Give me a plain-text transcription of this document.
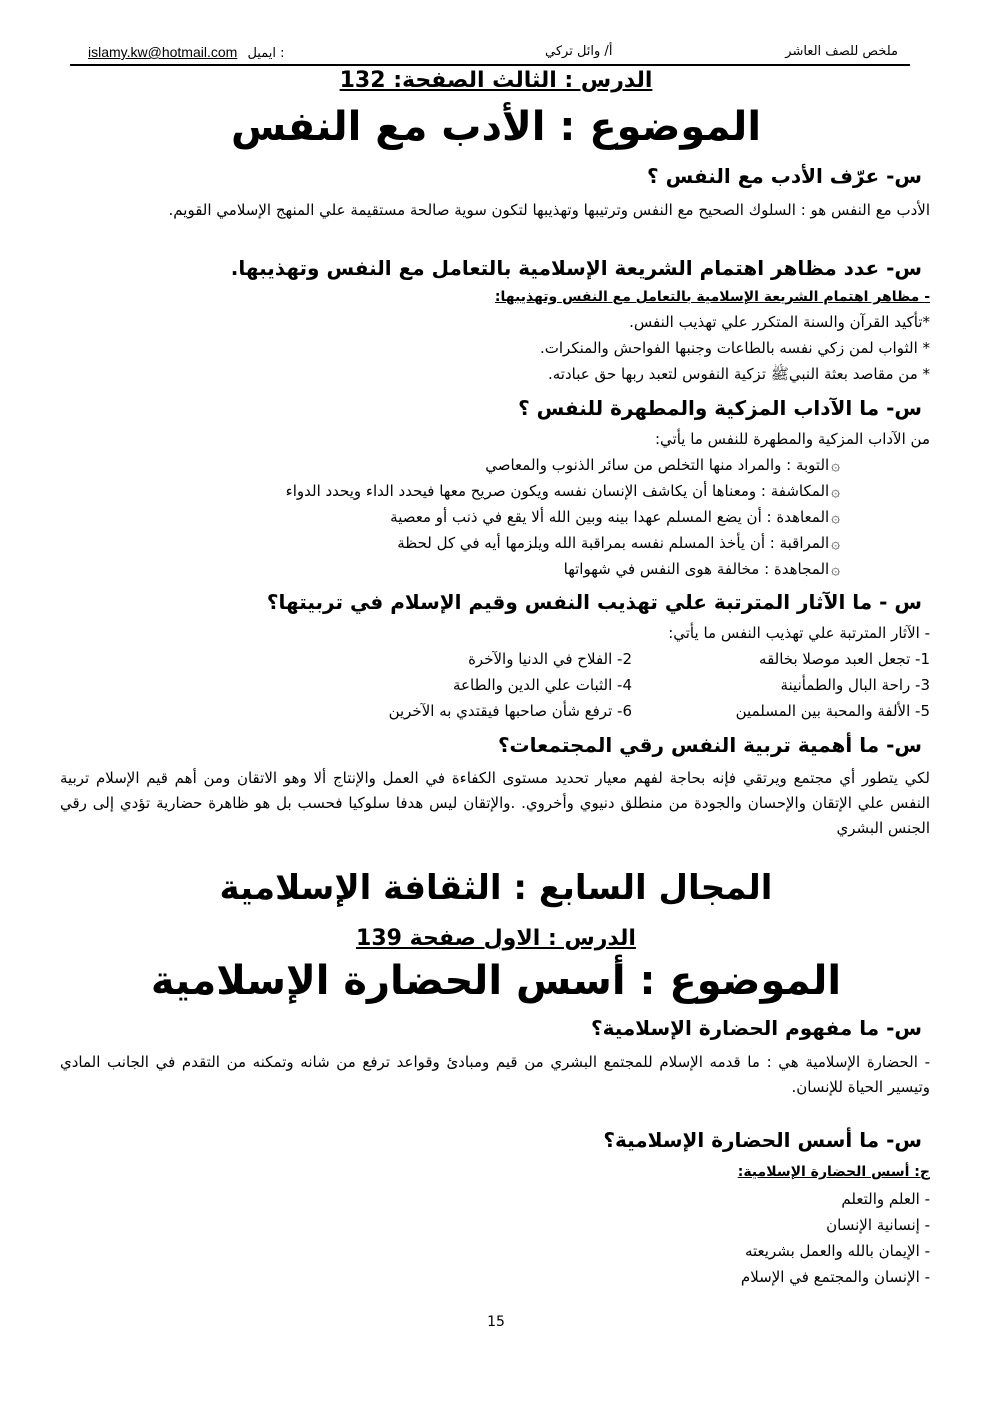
islamy.kw@hotmail.com ايميل :	أ/ وائل تركي	ملخص للصف العاشر
الدرس : الثالث الصفحة: 132
الموضوع : الأدب مع النفس
س- عرّف الأدب مع النفس ؟
الأدب مع النفس هو : السلوك الصحيح مع النفس وترتيبها وتهذيبها لتكون سوية صالحة مستقيمة علي المنهج الإسلامي القويم.
س- عدد مظاهر اهتمام الشريعة الإسلامية بالتعامل مع النفس وتهذيبها.
- مظاهر اهتمام الشريعة الإسلامية بالتعامل مع النفس وتهذيبها:
*تأكيد القرآن والسنة المتكرر علي تهذيب النفس.
* الثواب لمن زكي نفسه بالطاعات وجنبها الفواحش والمنكرات.
* من مقاصد بعثة النبيﷺ تزكية النفوس لتعبد ربها حق عبادته.
س- ما الآداب المزكية والمطهرة للنفس ؟
من الآداب المزكية والمطهرة للنفس ما يأتي:
۞التوبة : والمراد منها التخلص من سائر الذنوب والمعاصي
۞المكاشفة : ومعناها أن يكاشف الإنسان نفسه ويكون صريح معها فيحدد الداء ويحدد الدواء
۞المعاهدة : أن يضع المسلم عهدا بينه وبين الله ألا يقع في ذنب أو معصية
۞المراقبة : أن يأخذ المسلم نفسه بمراقبة الله ويلزمها أيه في كل لحظة
۞المجاهدة : مخالفة هوى النفس في شهواتها
س - ما الآثار المترتبة علي تهذيب النفس وقيم الإسلام في تربيتها؟
- الآثار المترتبة علي تهذيب النفس ما يأتي:
1- تجعل العبد موصلا بخالقه
2- الفلاح في الدنيا والآخرة
3- راحة البال والطمأنينة
4- الثبات علي الدين والطاعة
5- الألفة والمحبة بين المسلمين
6- ترفع شأن صاحبها فيقتدي به الآخرين
س- ما أهمية تربية النفس رقي المجتمعات؟
لكي يتطور أي مجتمع ويرتقي فإنه بحاجة لفهم معيار تحديد مستوى الكفاءة في العمل والإنتاج ألا وهو الاتقان ومن أهم قيم الإسلام تربية النفس علي الإتقان والإحسان والجودة من منطلق دنيوي وأخروي. .والإتقان ليس هدفا سلوكيا فحسب بل هو ظاهرة حضارية تؤدي إلى رقي الجنس البشري
المجال السابع : الثقافة الإسلامية
الدرس : الاول صفحة 139
الموضوع : أسس الحضارة الإسلامية
س- ما مفهوم الحضارة الإسلامية؟
- الحضارة الإسلامية هي : ما قدمه الإسلام للمجتمع البشري من قيم ومبادئ وقواعد ترفع من شانه وتمكنه من التقدم في الجانب المادي وتيسير الحياة للإنسان.
س- ما أسس الحضارة الإسلامية؟
ج: أسس الحضارة الإسلامية:
- العلم والتعلم
- إنسانية الإنسان
- الإيمان بالله والعمل بشريعته
- الإنسان والمجتمع في الإسلام
15
